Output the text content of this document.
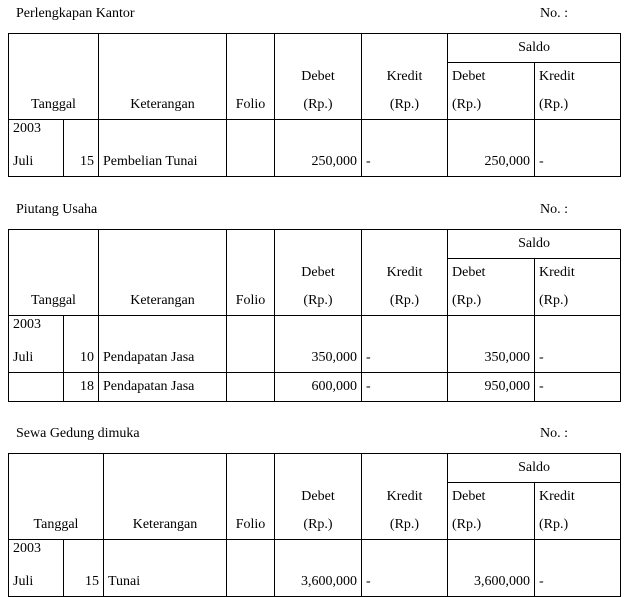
Perlengkapan Kantor	No. :
Tanggal		Keterangan	Folio	Debet	Kredit	Saldo	
						Debet	Kredit
				(Rp.)	(Rp.)	(Rp.)	(Rp.)
2003							
Juli	15	Pembelian Tunai		250,000	-	250,000	-
Piutang Usaha	No. :
Tanggal		Keterangan	Folio	Debet	Kredit	Saldo	
						Debet	Kredit
				(Rp.)	(Rp.)	(Rp.)	(Rp.)
2003							
Juli	10	Pendapatan Jasa		350,000	-	350,000	-
	18	Pendapatan Jasa		600,000	-	950,000	-
Sewa Gedung dimuka	No. :
Tanggal		Keterangan	Folio	Debet	Kredit	Saldo	
						Debet	Kredit
				(Rp.)	(Rp.)	(Rp.)	(Rp.)
2003							
Juli	15	Tunai		3,600,000	-	3,600,000	-
